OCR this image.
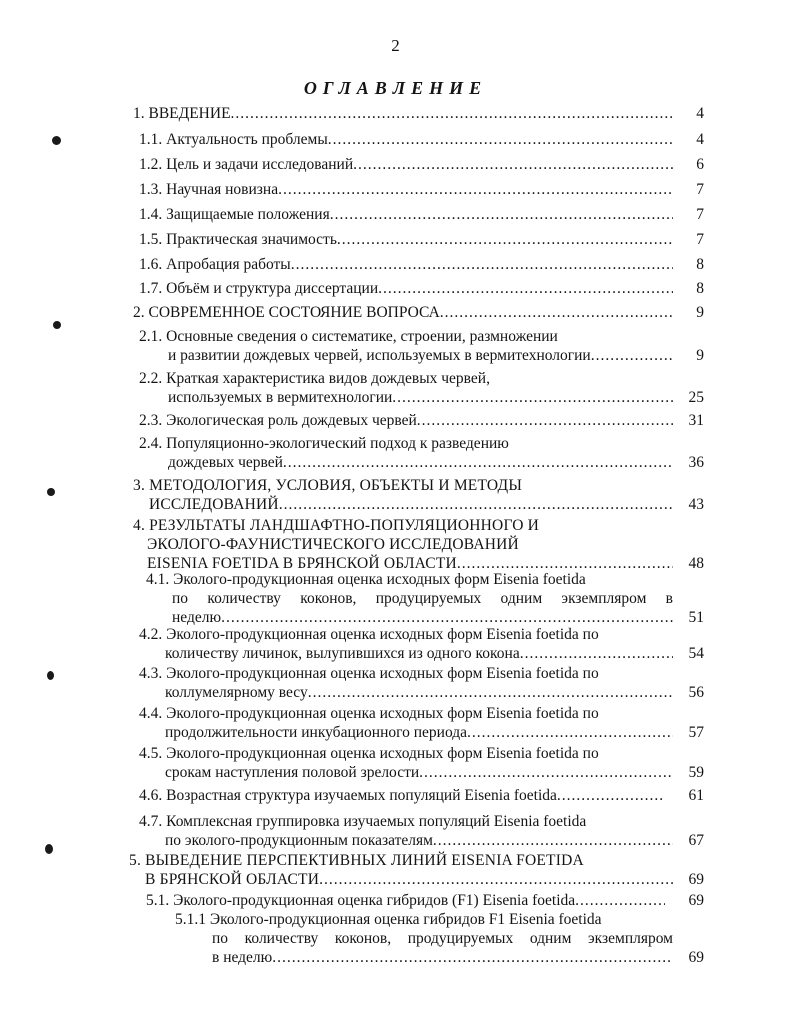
2
ОГЛАВЛЕНИЕ
1. ВВЕДЕНИЕ .....	4
1.1. Актуальность проблемы .....	4
1.2. Цель и задачи исследований .....	6
1.3. Научная новизна .....	7
1.4. Защищаемые положения .....	7
1.5. Практическая значимость .....	7
1.6. Апробация работы .....	8
1.7. Объём и структура диссертации .....	8
2. СОВРЕМЕННОЕ СОСТОЯНИЕ ВОПРОСА .....	9
2.1. Основные сведения о систематике, строении, размножении
и развитии дождевых червей, используемых в вермитехнологии .....	9
2.2. Краткая характеристика видов дождевых червей,
используемых в вермитехнологии .....	25
2.3. Экологическая роль дождевых червей .....	31
2.4. Популяционно-экологический подход к разведению
дождевых червей .....	36
3. МЕТОДОЛОГИЯ, УСЛОВИЯ, ОБЪЕКТЫ И МЕТОДЫ
ИССЛЕДОВАНИЙ .....	43
4. РЕЗУЛЬТАТЫ ЛАНДШАФТНО-ПОПУЛЯЦИОННОГО И
ЭКОЛОГО-ФАУНИСТИЧЕСКОГО ИССЛЕДОВАНИЙ
EISENIA FOETIDA В БРЯНСКОЙ ОБЛАСТИ .....	48
4.1. Эколого-продукционная оценка исходных форм Eisenia foetida
по количеству коконов, продуцируемых одним экземпляром в
неделю .....	51
4.2. Эколого-продукционная оценка исходных форм Eisenia foetida по
количеству личинок, вылупившихся из одного кокона .....	54
4.3. Эколого-продукционная оценка исходных форм Eisenia foetida по
коллумелярному весу .....	56
4.4. Эколого-продукционная оценка исходных форм Eisenia foetida по
продолжительности инкубационного периода .....	57
4.5. Эколого-продукционная оценка исходных форм Eisenia foetida по
срокам наступления половой зрелости .....	59
4.6. Возрастная структура изучаемых популяций Eisenia foetida .....	61
4.7. Комплексная группировка изучаемых популяций Eisenia foetida
по эколого-продукционным показателям .....	67
5. ВЫВЕДЕНИЕ ПЕРСПЕКТИВНЫХ ЛИНИЙ EISENIA FOETIDA
В БРЯНСКОЙ ОБЛАСТИ .....	69
5.1. Эколого-продукционная оценка гибридов (F1) Eisenia foetida .....	69
5.1.1 Эколого-продукционная оценка гибридов F1 Eisenia foetida
по количеству коконов, продуцируемых одним экземпляром
в неделю .....	69
